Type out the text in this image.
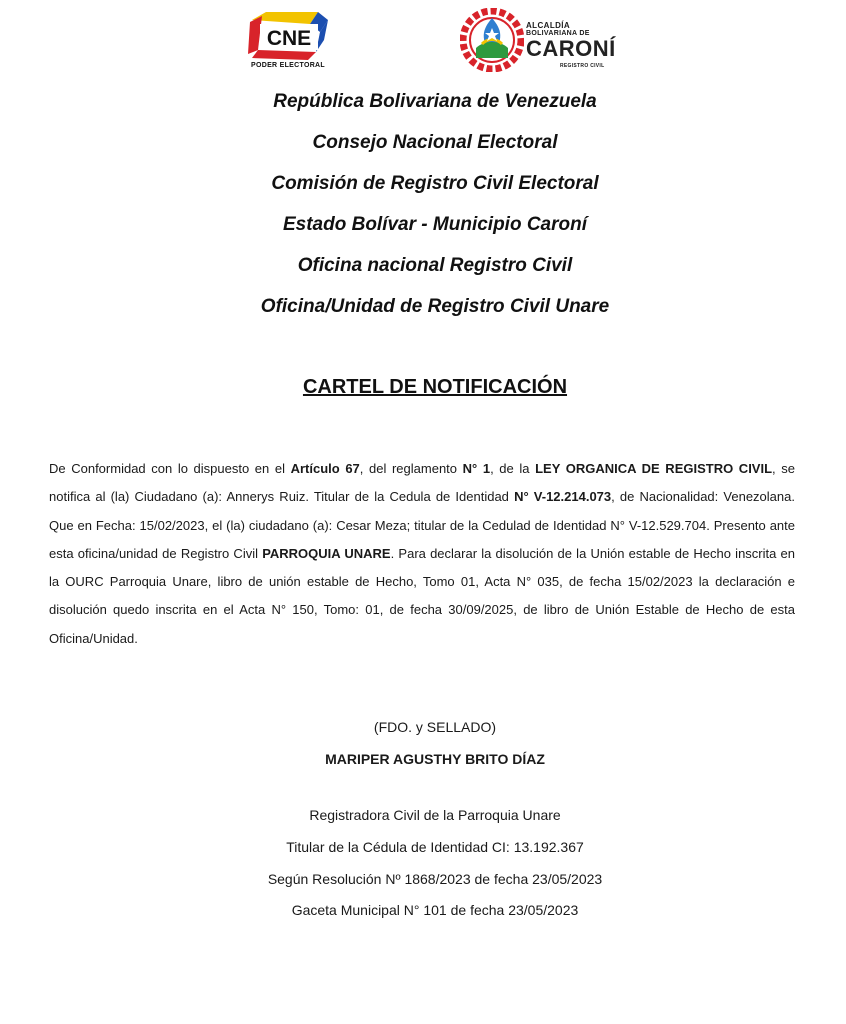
CNE
PODER ELECTORAL
ALCALDÍA
BOLIVARIANA DE
CARONÍ
REGISTRO CIVIL
República Bolivariana de Venezuela
Consejo Nacional Electoral
Comisión de Registro Civil Electoral
Estado Bolívar - Municipio Caroní
Oficina nacional Registro Civil
Oficina/Unidad de Registro Civil Unare
CARTEL DE NOTIFICACIÓN
De Conformidad con lo dispuesto en el Artículo 67, del reglamento N° 1, de la LEY ORGANICA DE REGISTRO CIVIL, se notifica al (la) Ciudadano (a): Annerys Ruiz. Titular de la Cedula de Identidad N° V-12.214.073, de Nacionalidad: Venezolana. Que en Fecha: 15/02/2023, el (la) ciudadano (a): Cesar Meza; titular de la Cedulad de Identidad N° V-12.529.704. Presento ante esta oficina/unidad de Registro Civil PARROQUIA UNARE. Para declarar la disolución de la Unión estable de Hecho inscrita en la OURC Parroquia Unare, libro de unión estable de Hecho, Tomo 01, Acta N° 035, de fecha 15/02/2023 la declaración e disolución quedo inscrita en el Acta N° 150, Tomo: 01, de fecha 30/09/2025, de libro de Unión Estable de Hecho de esta Oficina/Unidad.
(FDO. y SELLADO)
MARIPER AGUSTHY BRITO DÍAZ
Registradora Civil de la Parroquia Unare
Titular de la Cédula de Identidad CI: 13.192.367
Según Resolución Nº 1868/2023 de fecha 23/05/2023
Gaceta Municipal N° 101 de fecha 23/05/2023
